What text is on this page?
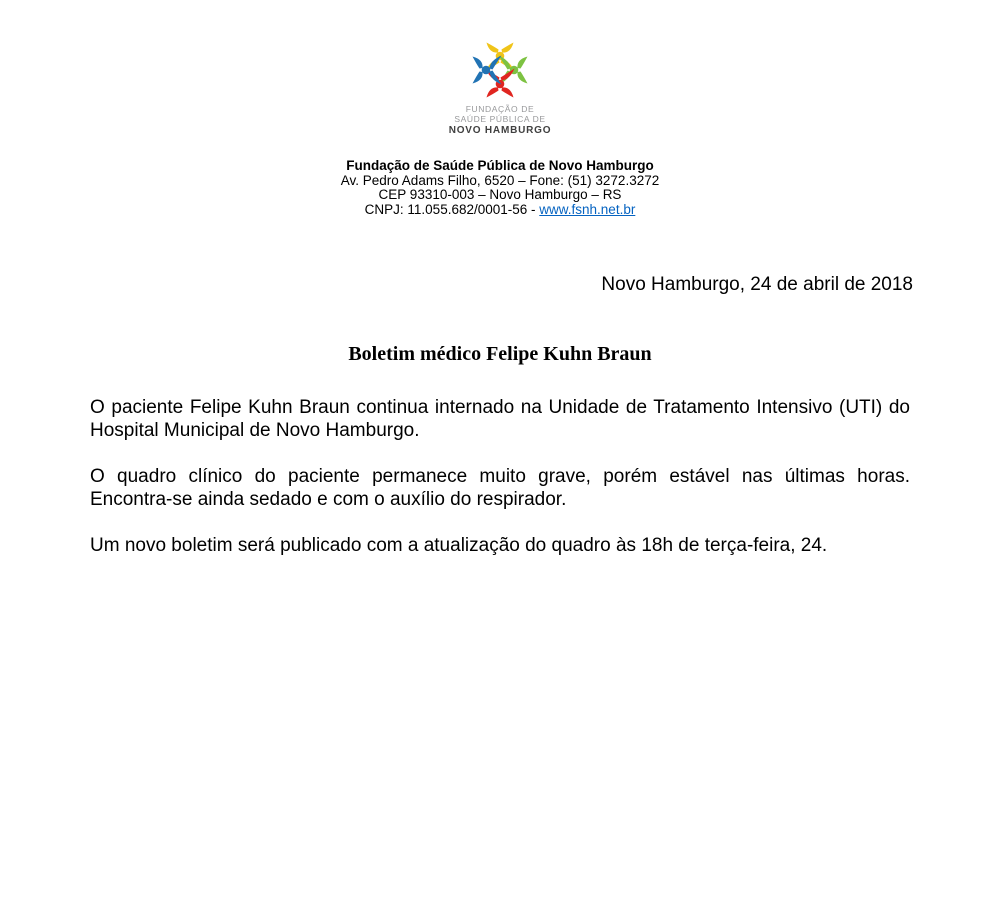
FUNDAÇÃO DE
SAÚDE PÚBLICA DE
NOVO HAMBURGO
Fundação de Saúde Pública de Novo Hamburgo
Av. Pedro Adams Filho, 6520 – Fone: (51) 3272.3272
CEP 93310-003 – Novo Hamburgo – RS
CNPJ: 11.055.682/0001-56 - www.fsnh.net.br
Novo Hamburgo, 24 de abril de 2018
Boletim médico Felipe Kuhn Braun

O paciente Felipe Kuhn Braun continua internado na Unidade de Tratamento Intensivo (UTI) do Hospital Municipal de Novo Hamburgo.

O quadro clínico do paciente permanece muito grave, porém estável nas últimas horas. Encontra-se ainda sedado e com o auxílio do respirador.

Um novo boletim será publicado com a atualização do quadro às 18h de terça-feira, 24.
